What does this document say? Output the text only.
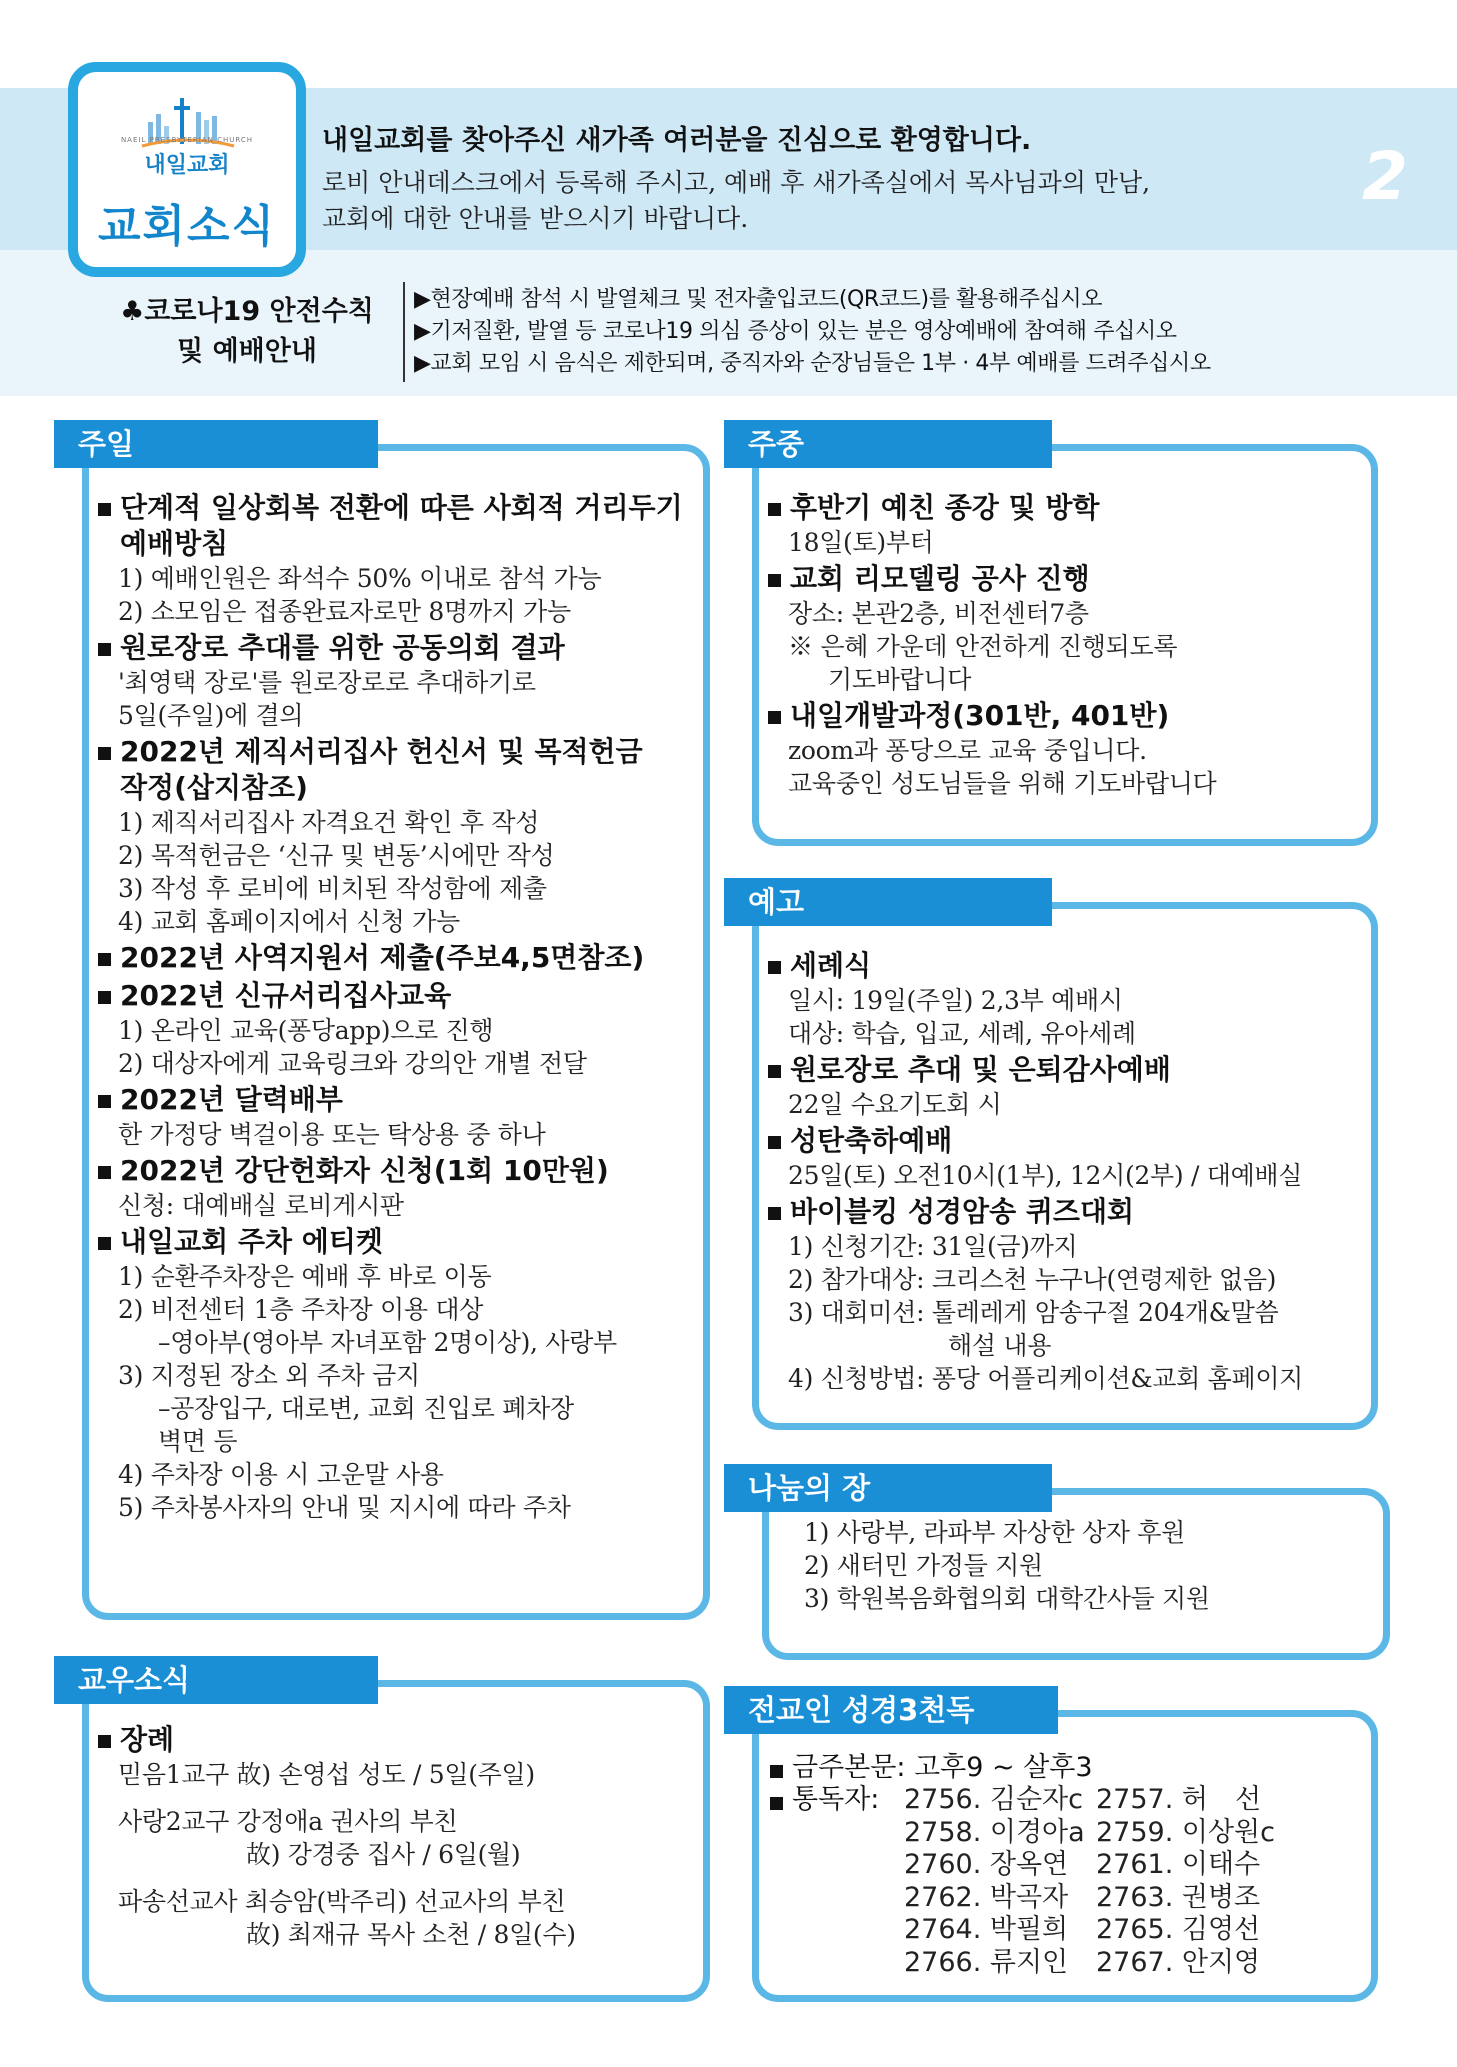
NAEIL PRESBYTERIAN CHURCH
내일교회
교회소식
내일교회를 찾아주신 새가족 여러분을 진심으로 환영합니다.
로비 안내데스크에서 등록해 주시고, 예배 후 새가족실에서 목사님과의 만남,
교회에 대한 안내를 받으시기 바랍니다.
2
♣코로나19 안전수칙
및 예배안내
▶현장예배 참석 시 발열체크 및 전자출입코드(QR코드)를 활용해주십시오
▶기저질환, 발열 등 코로나19 의심 증상이 있는 분은 영상예배에 참여해 주십시오
▶교회 모임 시 음식은 제한되며, 중직자와 순장님들은 1부 · 4부 예배를 드려주십시오
주일
단계적 일상회복 전환에 따른 사회적 거리두기
예배방침
1) 예배인원은 좌석수 50% 이내로 참석 가능
2) 소모임은 접종완료자로만 8명까지 가능
원로장로 추대를 위한 공동의회 결과
'최영택 장로'를 원로장로로 추대하기로
5일(주일)에 결의
2022년 제직서리집사 헌신서 및 목적헌금
작정(삽지참조)
1) 제직서리집사 자격요건 확인 후 작성
2) 목적헌금은 ‘신규 및 변동’시에만 작성
3) 작성 후 로비에 비치된 작성함에 제출
4) 교회 홈페이지에서 신청 가능
2022년 사역지원서 제출(주보4,5면참조)
2022년 신규서리집사교육
1) 온라인 교육(퐁당app)으로 진행
2) 대상자에게 교육링크와 강의안 개별 전달
2022년 달력배부
한 가정당 벽걸이용 또는 탁상용 중 하나
2022년 강단헌화자 신청(1회 10만원)
신청: 대예배실 로비게시판
내일교회 주차 에티켓
1) 순환주차장은 예배 후 바로 이동
2) 비전센터 1층 주차장 이용 대상
–영아부(영아부 자녀포함 2명이상), 사랑부
3) 지정된 장소 외 주차 금지
–공장입구, 대로변, 교회 진입로 폐차장
벽면 등
4) 주차장 이용 시 고운말 사용
5) 주차봉사자의 안내 및 지시에 따라 주차
주중
후반기 예친 종강 및 방학
18일(토)부터
교회 리모델링 공사 진행
장소: 본관2층, 비전센터7층
※ 은혜 가운데 안전하게 진행되도록
기도바랍니다
내일개발과정(301반, 401반)
zoom과 퐁당으로 교육 중입니다.
교육중인 성도님들을 위해 기도바랍니다
예고
세례식
일시: 19일(주일) 2,3부 예배시
대상: 학습, 입교, 세례, 유아세례
원로장로 추대 및 은퇴감사예배
22일 수요기도회 시
성탄축하예배
25일(토) 오전10시(1부), 12시(2부) / 대예배실
바이블킹 성경암송 퀴즈대회
1) 신청기간: 31일(금)까지
2) 참가대상: 크리스천 누구나(연령제한 없음)
3) 대회미션: 톨레레게 암송구절 204개&말씀
해설 내용
4) 신청방법: 퐁당 어플리케이션&교회 홈페이지
나눔의 장
1) 사랑부, 라파부 자상한 상자 후원
2) 새터민 가정들 지원
3) 학원복음화협의회 대학간사들 지원
교우소식
장례
믿음1교구 故) 손영섭 성도 / 5일(주일)
사랑2교구 강정애a 권사의 부친
故) 강경중 집사 / 6일(월)
파송선교사 최승암(박주리) 선교사의 부친
故) 최재규 목사 소천 / 8일(수)
전교인 성경3천독
금주본문: 고후9 ~ 살후3
통독자: 2756. 김순자c 2757. 허　선
2758. 이경아a 2759. 이상원c
2760. 장옥연	2761. 이태수
2762. 박곡자	2763. 권병조
2764. 박필희	2765. 김영선
2766. 류지인	2767. 안지영
